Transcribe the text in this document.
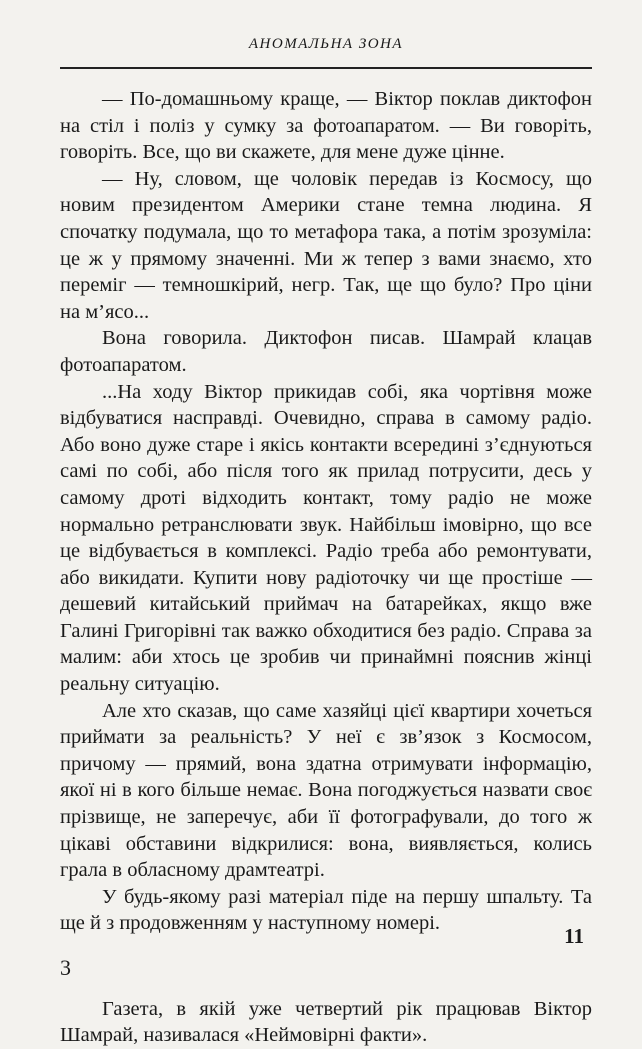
АНОМАЛЬНА ЗОНА

— По-домашньому краще, — Віктор поклав диктофон на стіл і поліз у сумку за фотоапаратом. — Ви говоріть, говоріть. Все, що ви скажете, для мене дуже цінне.

— Ну, словом, ще чоловік передав із Космосу, що новим президентом Америки стане темна людина. Я спочатку подумала, що то метафора така, а потім зрозуміла: це ж у прямому значенні. Ми ж тепер з вами знаємо, хто переміг — темношкірий, негр. Так, ще що було? Про ціни на м’ясо...

Вона говорила. Диктофон писав. Шамрай клацав фотоапаратом.

...На ходу Віктор прикидав собі, яка чортівня може відбуватися насправді. Очевидно, справа в самому радіо. Або воно дуже старе і якісь контакти всередині з’єднуються самі по собі, або після того як прилад потрусити, десь у самому дроті відходить контакт, тому радіо не може нормально ретранслювати звук. Найбільш імовірно, що все це відбувається в комплексі. Радіо треба або ремонтувати, або викидати. Купити нову радіоточку чи ще простіше — дешевий китайський приймач на батарейках, якщо вже Галині Григорівні так важко обходитися без радіо. Справа за малим: аби хтось це зробив чи принаймні пояснив жінці реальну ситуацію.

Але хто сказав, що саме хазяйці цієї квартири хочеться приймати за реальність? У неї є зв’язок з Космосом, причому — прямий, вона здатна отримувати інформацію, якої ні в кого більше немає. Вона погоджується назвати своє прізвище, не заперечує, аби її фотографували, до того ж цікаві обставини відкрилися: вона, виявляється, колись грала в обласному драмтеатрі.

У будь-якому разі матеріал піде на першу шпальту. Та ще й з продовженням у наступному номері.

3

Газета, в якій уже четвертий рік працював Віктор Шамрай, називалася «Неймовірні факти».

11
